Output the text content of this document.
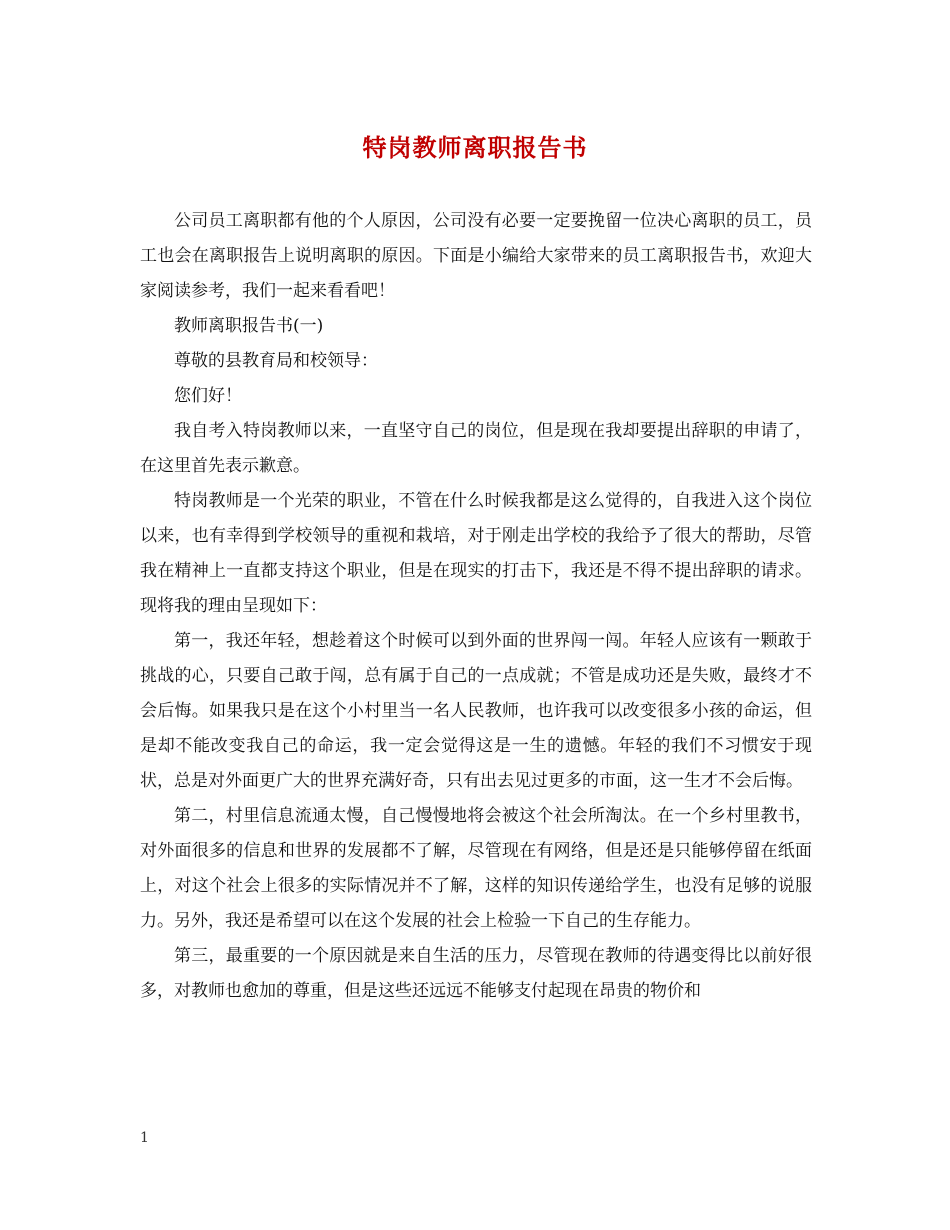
特岗教师离职报告书

公司员工离职都有他的个人原因，公司没有必要一定要挽留一位决心离职的员工，员工也会在离职报告上说明离职的原因。下面是小编给大家带来的员工离职报告书，欢迎大家阅读参考，我们一起来看看吧！

教师离职报告书(一)

尊敬的县教育局和校领导：

您们好！

我自考入特岗教师以来，一直坚守自己的岗位，但是现在我却要提出辞职的申请了，在这里首先表示歉意。

特岗教师是一个光荣的职业，不管在什么时候我都是这么觉得的，自我进入这个岗位以来，也有幸得到学校领导的重视和栽培，对于刚走出学校的我给予了很大的帮助，尽管我在精神上一直都支持这个职业，但是在现实的打击下，我还是不得不提出辞职的请求。现将我的理由呈现如下：

第一，我还年轻，想趁着这个时候可以到外面的世界闯一闯。年轻人应该有一颗敢于挑战的心，只要自己敢于闯，总有属于自己的一点成就；不管是成功还是失败，最终才不会后悔。如果我只是在这个小村里当一名人民教师，也许我可以改变很多小孩的命运，但是却不能改变我自己的命运，我一定会觉得这是一生的遗憾。年轻的我们不习惯安于现状，总是对外面更广大的世界充满好奇，只有出去见过更多的市面，这一生才不会后悔。

第二，村里信息流通太慢，自己慢慢地将会被这个社会所淘汰。在一个乡村里教书，对外面很多的信息和世界的发展都不了解，尽管现在有网络，但是还是只能够停留在纸面上，对这个社会上很多的实际情况并不了解，这样的知识传递给学生，也没有足够的说服力。另外，我还是希望可以在这个发展的社会上检验一下自己的生存能力。

第三，最重要的一个原因就是来自生活的压力，尽管现在教师的待遇变得比以前好很多，对教师也愈加的尊重，但是这些还远远不能够支付起现在昂贵的物价和

1
